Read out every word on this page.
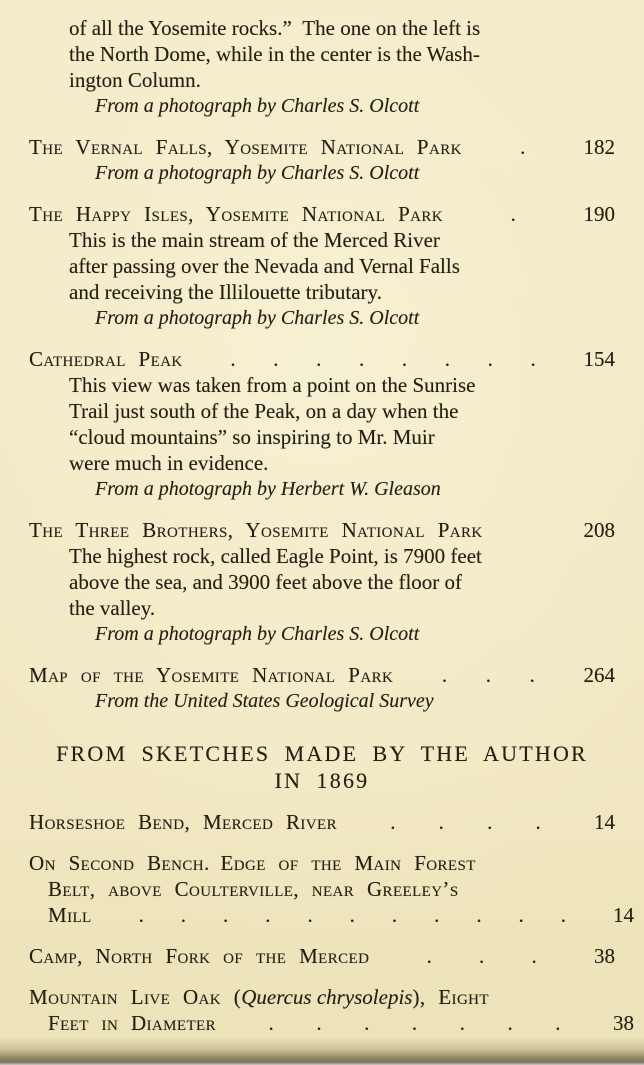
of all the Yosemite rocks.” The one on the left is
the North Dome, while in the center is the Wash-
ington Column.
From a photograph by Charles S. Olcott
The Vernal Falls, Yosemite National Park	.	182
From a photograph by Charles S. Olcott
The Happy Isles, Yosemite National Park	.	190
This is the main stream of the Merced River
after passing over the Nevada and Vernal Falls
and receiving the Illilouette tributary.
From a photograph by Charles S. Olcott
Cathedral Peak . . . . . . . . 154
This view was taken from a point on the Sunrise
Trail just south of the Peak, on a day when the
“cloud mountains” so inspiring to Mr. Muir
were much in evidence.
From a photograph by Herbert W. Gleason
The Three Brothers, Yosemite National Park	208
The highest rock, called Eagle Point, is 7900 feet
above the sea, and 3900 feet above the floor of
the valley.
From a photograph by Charles S. Olcott
Map of the Yosemite National Park . . . 264
From the United States Geological Survey
FROM SKETCHES MADE BY THE AUTHOR
IN 1869
Horseshoe Bend, Merced River	. . . .	14
On Second Bench. Edge of the Main Forest
Belt, above Coulterville, near Greeley’s
Mill . . . . . . . . . . . 14
Camp, North Fork of the Merced	. . .	38
Mountain Live Oak (Quercus chrysolepis), Eight
Feet in Diameter	. . . . . . .	38
